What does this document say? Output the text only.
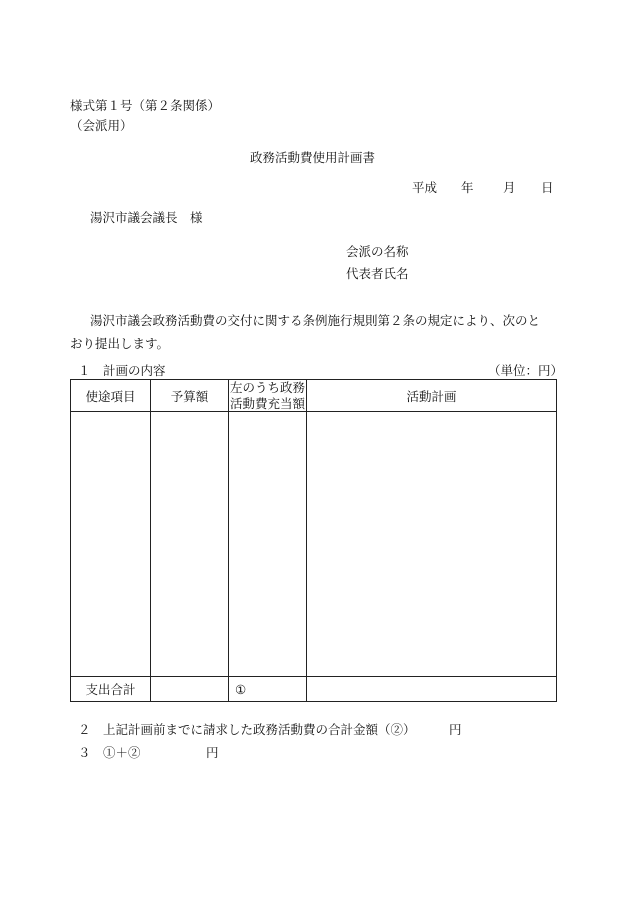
様式第１号（第２条関係）
（会派用）
政務活動費使用計画書
平成 年 月 日
湯沢市議会議長　様
会派の名称
代表者氏名
湯沢市議会政務活動費の交付に関する条例施行規則第２条の規定により、次のと
おり提出します。
１　計画の内容	（単位：円）
使途項目	予算額	左のうち政務
活動費充当額	活動計画

支出合計		①	
２　上記計画前までに請求した政務活動費の合計金額（②）	円
３　①＋②	円
